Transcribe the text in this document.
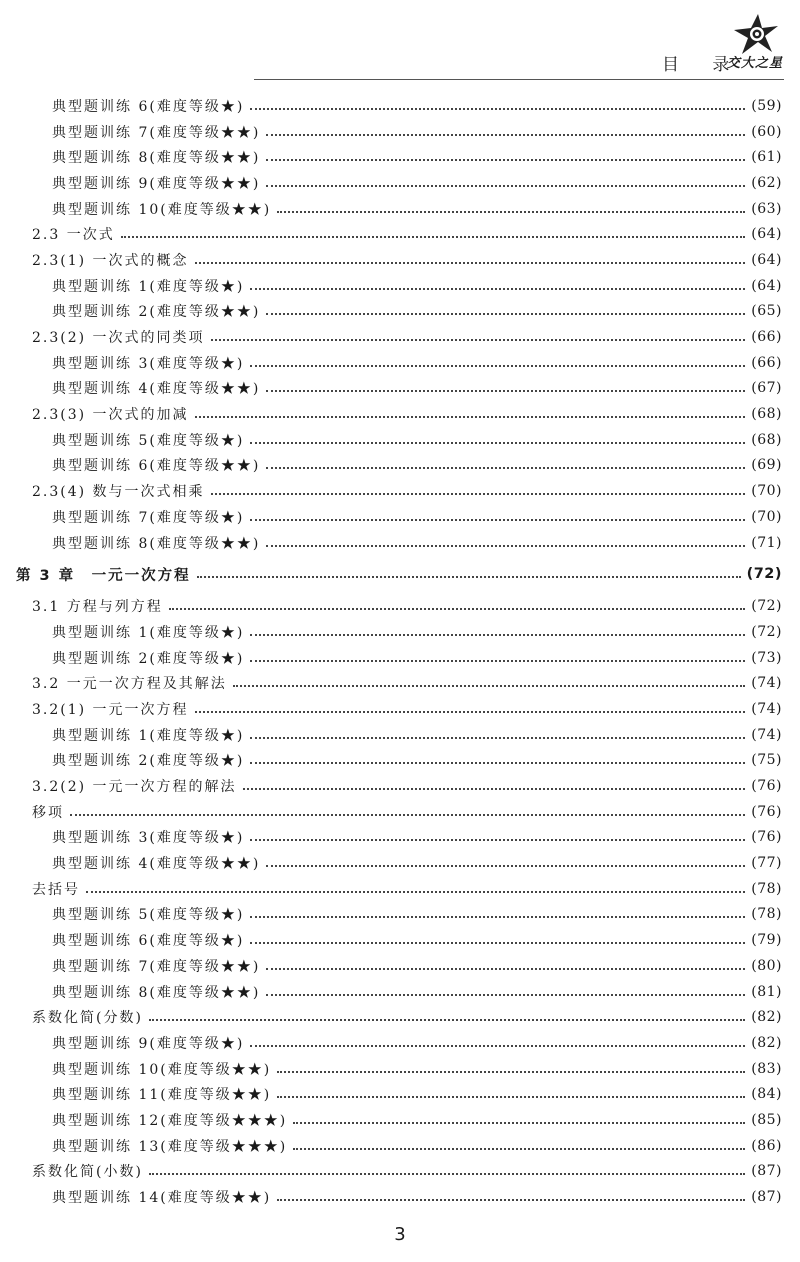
目 录
交大之星
典型题训练 6(难度等级★)	(59)
典型题训练 7(难度等级★★)	(60)
典型题训练 8(难度等级★★)	(61)
典型题训练 9(难度等级★★)	(62)
典型题训练 10(难度等级★★)	(63)
2.3 一次式	(64)
2.3(1) 一次式的概念	(64)
典型题训练 1(难度等级★)	(64)
典型题训练 2(难度等级★★)	(65)
2.3(2) 一次式的同类项	(66)
典型题训练 3(难度等级★)	(66)
典型题训练 4(难度等级★★)	(67)
2.3(3) 一次式的加减	(68)
典型题训练 5(难度等级★)	(68)
典型题训练 6(难度等级★★)	(69)
2.3(4) 数与一次式相乘	(70)
典型题训练 7(难度等级★)	(70)
典型题训练 8(难度等级★★)	(71)
第 3 章　一元一次方程	(72)
3.1 方程与列方程	(72)
典型题训练 1(难度等级★)	(72)
典型题训练 2(难度等级★)	(73)
3.2 一元一次方程及其解法	(74)
3.2(1) 一元一次方程	(74)
典型题训练 1(难度等级★)	(74)
典型题训练 2(难度等级★)	(75)
3.2(2) 一元一次方程的解法	(76)
移项	(76)
典型题训练 3(难度等级★)	(76)
典型题训练 4(难度等级★★)	(77)
去括号	(78)
典型题训练 5(难度等级★)	(78)
典型题训练 6(难度等级★)	(79)
典型题训练 7(难度等级★★)	(80)
典型题训练 8(难度等级★★)	(81)
系数化简(分数)	(82)
典型题训练 9(难度等级★)	(82)
典型题训练 10(难度等级★★)	(83)
典型题训练 11(难度等级★★)	(84)
典型题训练 12(难度等级★★★)	(85)
典型题训练 13(难度等级★★★)	(86)
系数化简(小数)	(87)
典型题训练 14(难度等级★★)	(87)
3
